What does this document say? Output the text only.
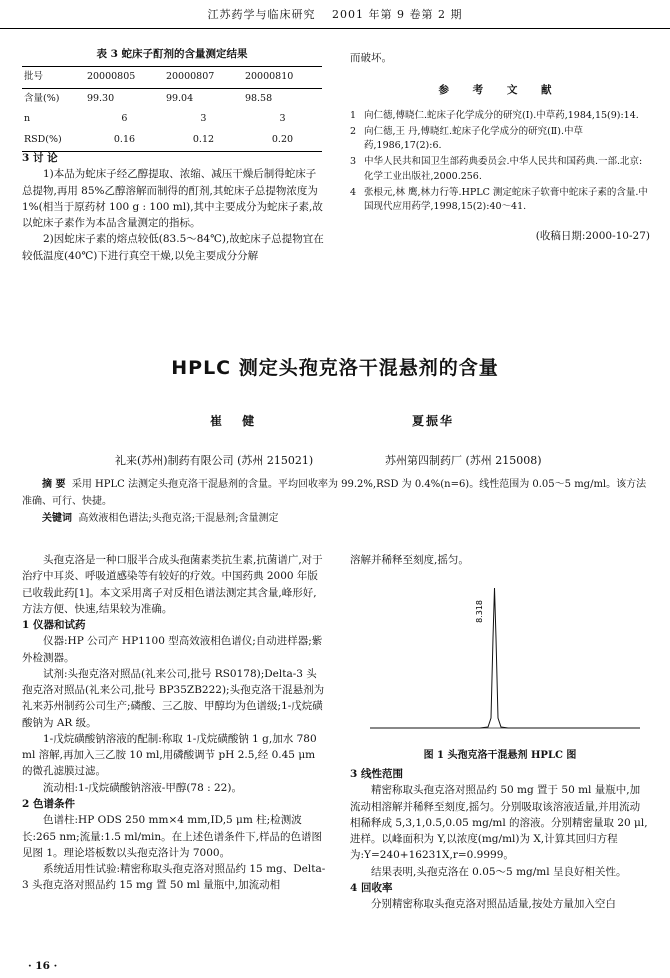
江苏药学与临床研究 2001 年第 9 卷第 2 期
表 3 蛇床子酊剂的含量测定结果
批号	20000805	20000807	20000810
含量(%)	99.30	99.04	98.58
n	6	3	3
RSD(%)	0.16	0.12	0.20

3 讨 论

1)本品为蛇床子经乙醇提取、浓缩、减压干燥后制得蛇床子总提物,再用 85%乙醇溶解而制得的酊剂,其蛇床子总提物浓度为 1%(相当于原药材 100 g : 100 ml),其中主要成分为蛇床子素,故以蛇床子素作为本品含量测定的指标。

2)因蛇床子素的熔点较低(83.5～84℃),故蛇床子总提物宜在较低温度(40℃)下进行真空干燥,以免主要成分分解

而破坏。

参 考 文 献

1 向仁德,傅晓仁.蛇床子化学成分的研究(Ⅰ).中草药,1984,15(9):14.
2 向仁德,王 丹,傅晓红.蛇床子化学成分的研究(Ⅱ).中草药,1986,17(2):6.
3 中华人民共和国卫生部药典委员会.中华人民共和国药典.一部.北京:化学工业出版社,2000.256.
4 张根元,林 鹰,林力行等.HPLC 测定蛇床子软膏中蛇床子素的含量.中国现代应用药学,1998,15(2):40～41.

(收稿日期:2000-10-27)

HPLC 测定头孢克洛干混悬剂的含量
崔 健	夏振华
礼来(苏州)制药有限公司 (苏州 215021)	苏州第四制药厂 (苏州 215008)

摘 要 采用 HPLC 法测定头孢克洛干混悬剂的含量。平均回收率为 99.2%,RSD 为 0.4%(n=6)。线性范围为 0.05～5 mg/ml。该方法准确、可行、快捷。

关键词 高效液相色谱法;头孢克洛;干混悬剂;含量测定

头孢克洛是一种口服半合成头孢菌素类抗生素,抗菌谱广,对于治疗中耳炎、呼吸道感染等有较好的疗效。中国药典 2000 年版已收载此药[1]。本文采用离子对反相色谱法测定其含量,峰形好,方法方便、快速,结果较为准确。

1 仪器和试药

仪器:HP 公司产 HP1100 型高效液相色谱仪;自动进样器;紫外检测器。

试剂:头孢克洛对照品(礼来公司,批号 RS0178);Delta-3 头孢克洛对照品(礼来公司,批号 BP35ZB222);头孢克洛干混悬剂为礼来苏州制药公司生产;磷酸、三乙胺、甲醇均为色谱级;1-戊烷磺酸钠为 AR 级。

1-戊烷磺酸钠溶液的配制:称取 1-戊烷磺酸钠 1 g,加水 780 ml 溶解,再加入三乙胺 10 ml,用磷酸调节 pH 2.5,经 0.45 μm 的微孔滤膜过滤。

流动相:1-戊烷磺酸钠溶液-甲醇(78 : 22)。

2 色谱条件

色谱柱:HP ODS 250 mm×4 mm,ID,5 μm 柱;检测波长:265 nm;流量:1.5 ml/min。在上述色谱条件下,样品的色谱图见图 1。理论塔板数以头孢克洛计为 7000。

系统适用性试验:精密称取头孢克洛对照品约 15 mg、Delta-3 头孢克洛对照品约 15 mg 置 50 ml 量瓶中,加流动相

溶解并稀释至刻度,摇匀。

8.318
图 1 头孢克洛干混悬剂 HPLC 图

3 线性范围

精密称取头孢克洛对照品约 50 mg 置于 50 ml 量瓶中,加流动相溶解并稀释至刻度,摇匀。分别吸取该溶液适量,并用流动相稀释成 5,3,1,0.5,0.05 mg/ml 的溶液。分别精密量取 20 μl,进样。以峰面积为 Y,以浓度(mg/ml)为 X,计算其回归方程为:Y=240+16231X,r=0.9999。

结果表明,头孢克洛在 0.05～5 mg/ml 呈良好相关性。

4 回收率

分别精密称取头孢克洛对照品适量,按处方量加入空白

· 16 ·
